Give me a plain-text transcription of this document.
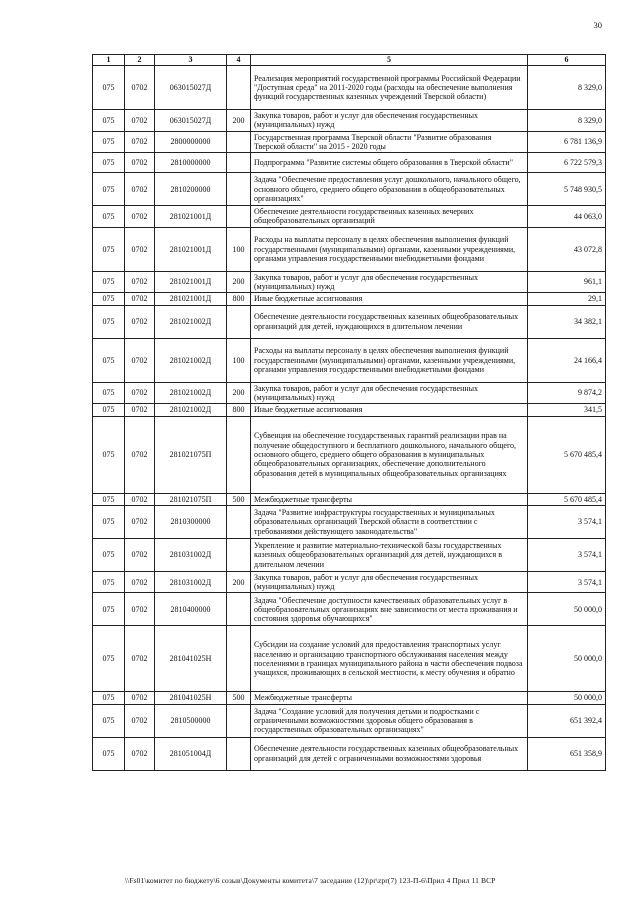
30
1	2	3	4	5	6
075	0702	063015027Д		Реализация мероприятий государственной программы Российской Федерации "Доступная среда" на 2011-2020 годы (расходы на обеспечение выполнения функций государственных казенных учреждений Тверской области)	8 329,0
075	0702	063015027Д	200	Закупка товаров, работ и услуг для обеспечения государственных (муниципальных) нужд	8 329,0
075	0702	2800000000		Государственная программа Тверской области "Развитие образования Тверской области" на 2015 - 2020 годы	6 781 136,9
075	0702	2810000000		Подпрограмма "Развитие системы общего образования в Тверской области"	6 722 579,3
075	0702	2810200000		Задача "Обеспечение предоставления услуг дошкольного, начального общего, основного общего, среднего общего образования в общеобразовательных организациях"	5 748 930,5
075	0702	281021001Д		Обеспечение деятельности государственных казенных вечерних общеобразовательных организаций	44 063,0
075	0702	281021001Д	100	Расходы на выплаты персоналу в целях обеспечения выполнения функций государственными (муниципальными) органами, казенными учреждениями, органами управления государственными внебюджетными фондами	43 072,8
075	0702	281021001Д	200	Закупка товаров, работ и услуг для обеспечения государственных (муниципальных) нужд	961,1
075	0702	281021001Д	800	Иные бюджетные ассигнования	29,1
075	0702	281021002Д		Обеспечение деятельности государственных казенных общеобразовательных организаций для детей, нуждающихся в длительном лечении	34 382,1
075	0702	281021002Д	100	Расходы на выплаты персоналу в целях обеспечения выполнения функций государственными (муниципальными) органами, казенными учреждениями, органами управления государственными внебюджетными фондами	24 166,4
075	0702	281021002Д	200	Закупка товаров, работ и услуг для обеспечения государственных (муниципальных) нужд	9 874,2
075	0702	281021002Д	800	Иные бюджетные ассигнования	341,5
075	0702	281021075П		Субвенция на обеспечение государственных гарантий реализации прав на получение общедоступного и бесплатного дошкольного, начального общего, основного общего, среднего общего образования в муниципальных общеобразовательных организациях, обеспечение дополнительного образования детей в муниципальных общеобразовательных организациях	5 670 485,4
075	0702	281021075П	500	Межбюджетные трансферты	5 670 485,4
075	0702	2810300000		Задача "Развитие инфраструктуры государственных и муниципальных образовательных организаций Тверской области в соответствии с требованиями действующего законодательства"	3 574,1
075	0702	281031002Д		Укрепление и развитие материально-технической базы государственных казенных общеобразовательных организаций для детей, нуждающихся в длительном лечении	3 574,1
075	0702	281031002Д	200	Закупка товаров, работ и услуг для обеспечения государственных (муниципальных) нужд	3 574,1
075	0702	2810400000		Задача "Обеспечение доступности качественных образовательных услуг в общеобразовательных организациях вне зависимости от места проживания и состояния здоровья обучающихся"	50 000,0
075	0702	281041025Н		Субсидии на создание условий для предоставления транспортных услуг населению и организацию транспортного обслуживания населения между поселениями в границах муниципального района в части обеспечения подвоза учащихся, проживающих в сельской местности, к месту обучения и обратно	50 000,0
075	0702	281041025Н	500	Межбюджетные трансферты	50 000,0
075	0702	2810500000		Задача "Создание условий для получения детьми и подростками с ограниченными возможностями здоровья общего образования в государственных образовательных организациях"	651 392,4
075	0702	281051004Д		Обеспечение деятельности государственных казенных общеобразовательных организаций для детей с ограниченными возможностями здоровья	651 358,9
\\Fs01\комитет по бюджету\6 созыв\Документы комитета\7 заседание (12)\pr\zpr(7) 123-П-6\Прил 4 Прил 11 ВСР
